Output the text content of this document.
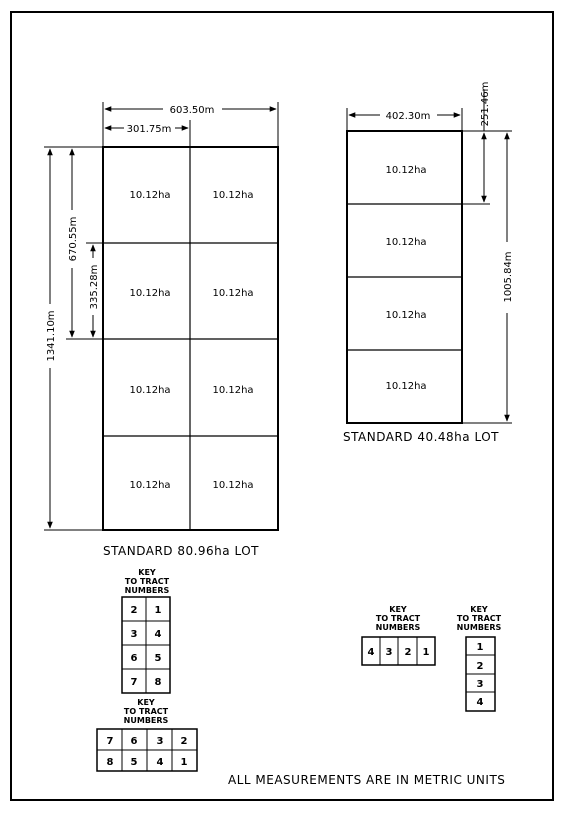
10.12ha	10.12ha
10.12ha	10.12ha
10.12ha	10.12ha
10.12ha	10.12ha
603.50m
301.75m
1341.10m
670.55m
335.28m
STANDARD 80.96ha LOT
10.12ha
10.12ha
10.12ha
10.12ha
402.30m	251.46m
1005.84m
STANDARD 40.48ha LOT
KEY
TO TRACT
NUMBERS
2 1
3 4
6 5
7 8
KEY
TO TRACT
NUMBERS
7 6 3 2
8 5 4 1
KEY
TO TRACT
NUMBERS
4 3 2 1
KEY
TO TRACT
NUMBERS
1
2
3
4
ALL MEASUREMENTS ARE IN METRIC UNITS
